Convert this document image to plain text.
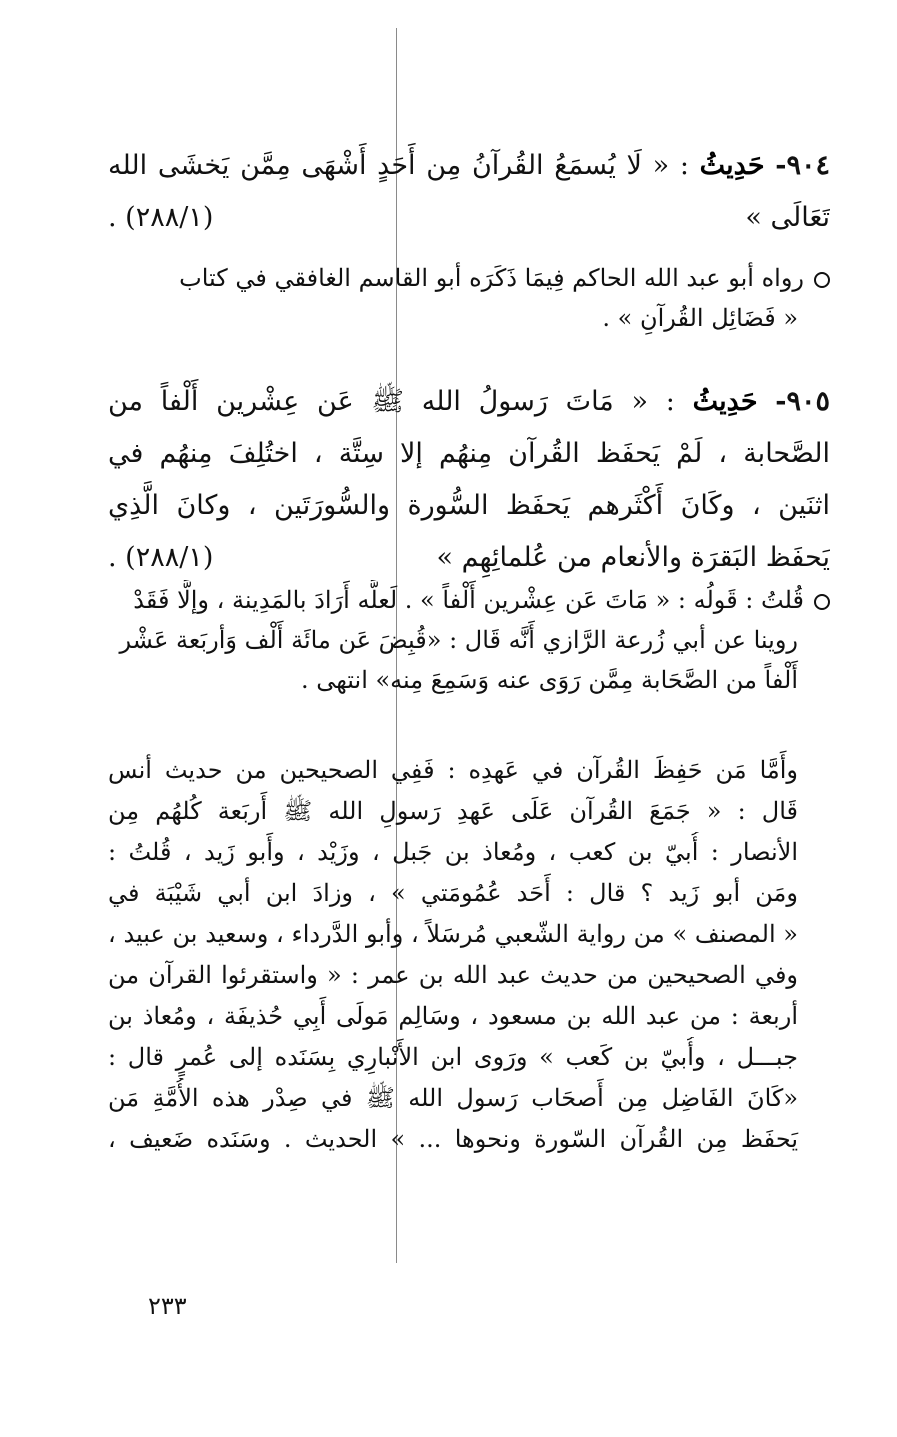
٩٠٤- حَدِيثُ : « لَا يُسمَعُ القُرآنُ مِن أَحَدٍ أَشْهَى مِمَّن يَخشَى الله
تَعَالَى »
(٢٨٨/١) .
رواه أبو عبد الله الحاكم فِيمَا ذَكَرَه أبو القاسم الغافقي في كتاب
« فَضَائِل القُرآنِ » .
٩٠٥- حَدِيثُ : « مَاتَ رَسولُ الله ﷺ عَن عِشْرين أَلْفاً من
الصَّحابة ، لَمْ يَحفَظ القُرآن مِنهُم إلا سِتَّة ، اختُلِفَ مِنهُم في
اثنَين ، وكَانَ أَكْثَرهم يَحفَظ السُّورة والسُّورَتَين ، وكانَ الَّذِي
يَحفَظ البَقرَة والأنعام من عُلمائِهِم »
(٢٨٨/١) .
قُلتُ : قَولُه : « مَاتَ عَن عِشْرين أَلْفاً » . لَعلَّه أَرَادَ بالمَدِينة ، وإلَّا فَقَدْ
روينا عن أبي زُرعة الرَّازي أَنَّه قَال : «قُبِضَ عَن مائَة أَلْف وَأربَعة عَشْر
أَلْفاً من الصَّحَابة مِمَّن رَوَى عنه وَسَمِعَ مِنه» انتهى .
وأَمَّا مَن حَفِظَ القُرآن في عَهدِه : فَفِي الصحيحين من حديث أنس
قَال : « جَمَعَ القُرآن عَلَى عَهدِ رَسولِ الله ﷺ أَربَعة كُلهُم مِن
الأنصار : أُبيّ بن كعب ، ومُعاذ بن جَبل ، وزَيْد ، وأَبو زَيد ، قُلتُ :
ومَن أبو زَيد ؟ قال : أَحَد عُمُومَتي » ، وزادَ ابن أبي شَيْبَة في
« المصنف » من رواية الشّعبي مُرسَلاً ، وأبو الدَّرداء ، وسعيد بن عبيد ،
وفي الصحيحين من حديث عبد الله بن عمر : « واستقرئوا القرآن من
أربعة : من عبد الله بن مسعود ، وسَالِم مَولَى أَبِي حُذيفَة ، ومُعاذ بن
جبـــل ، وأُبيّ بن كَعب » ورَوى ابن الأَنْبارِي بِسَنَده إلى عُمرٍ قال :
«كَانَ الفَاضِل مِن أَصحَاب رَسول الله ﷺ في صِدْر هذه الأُمَّةِ مَن
يَحفَظ مِن القُرآن السّورة ونحوها ... » الحديث . وسَنَده ضَعيف ،
٢٣٣
